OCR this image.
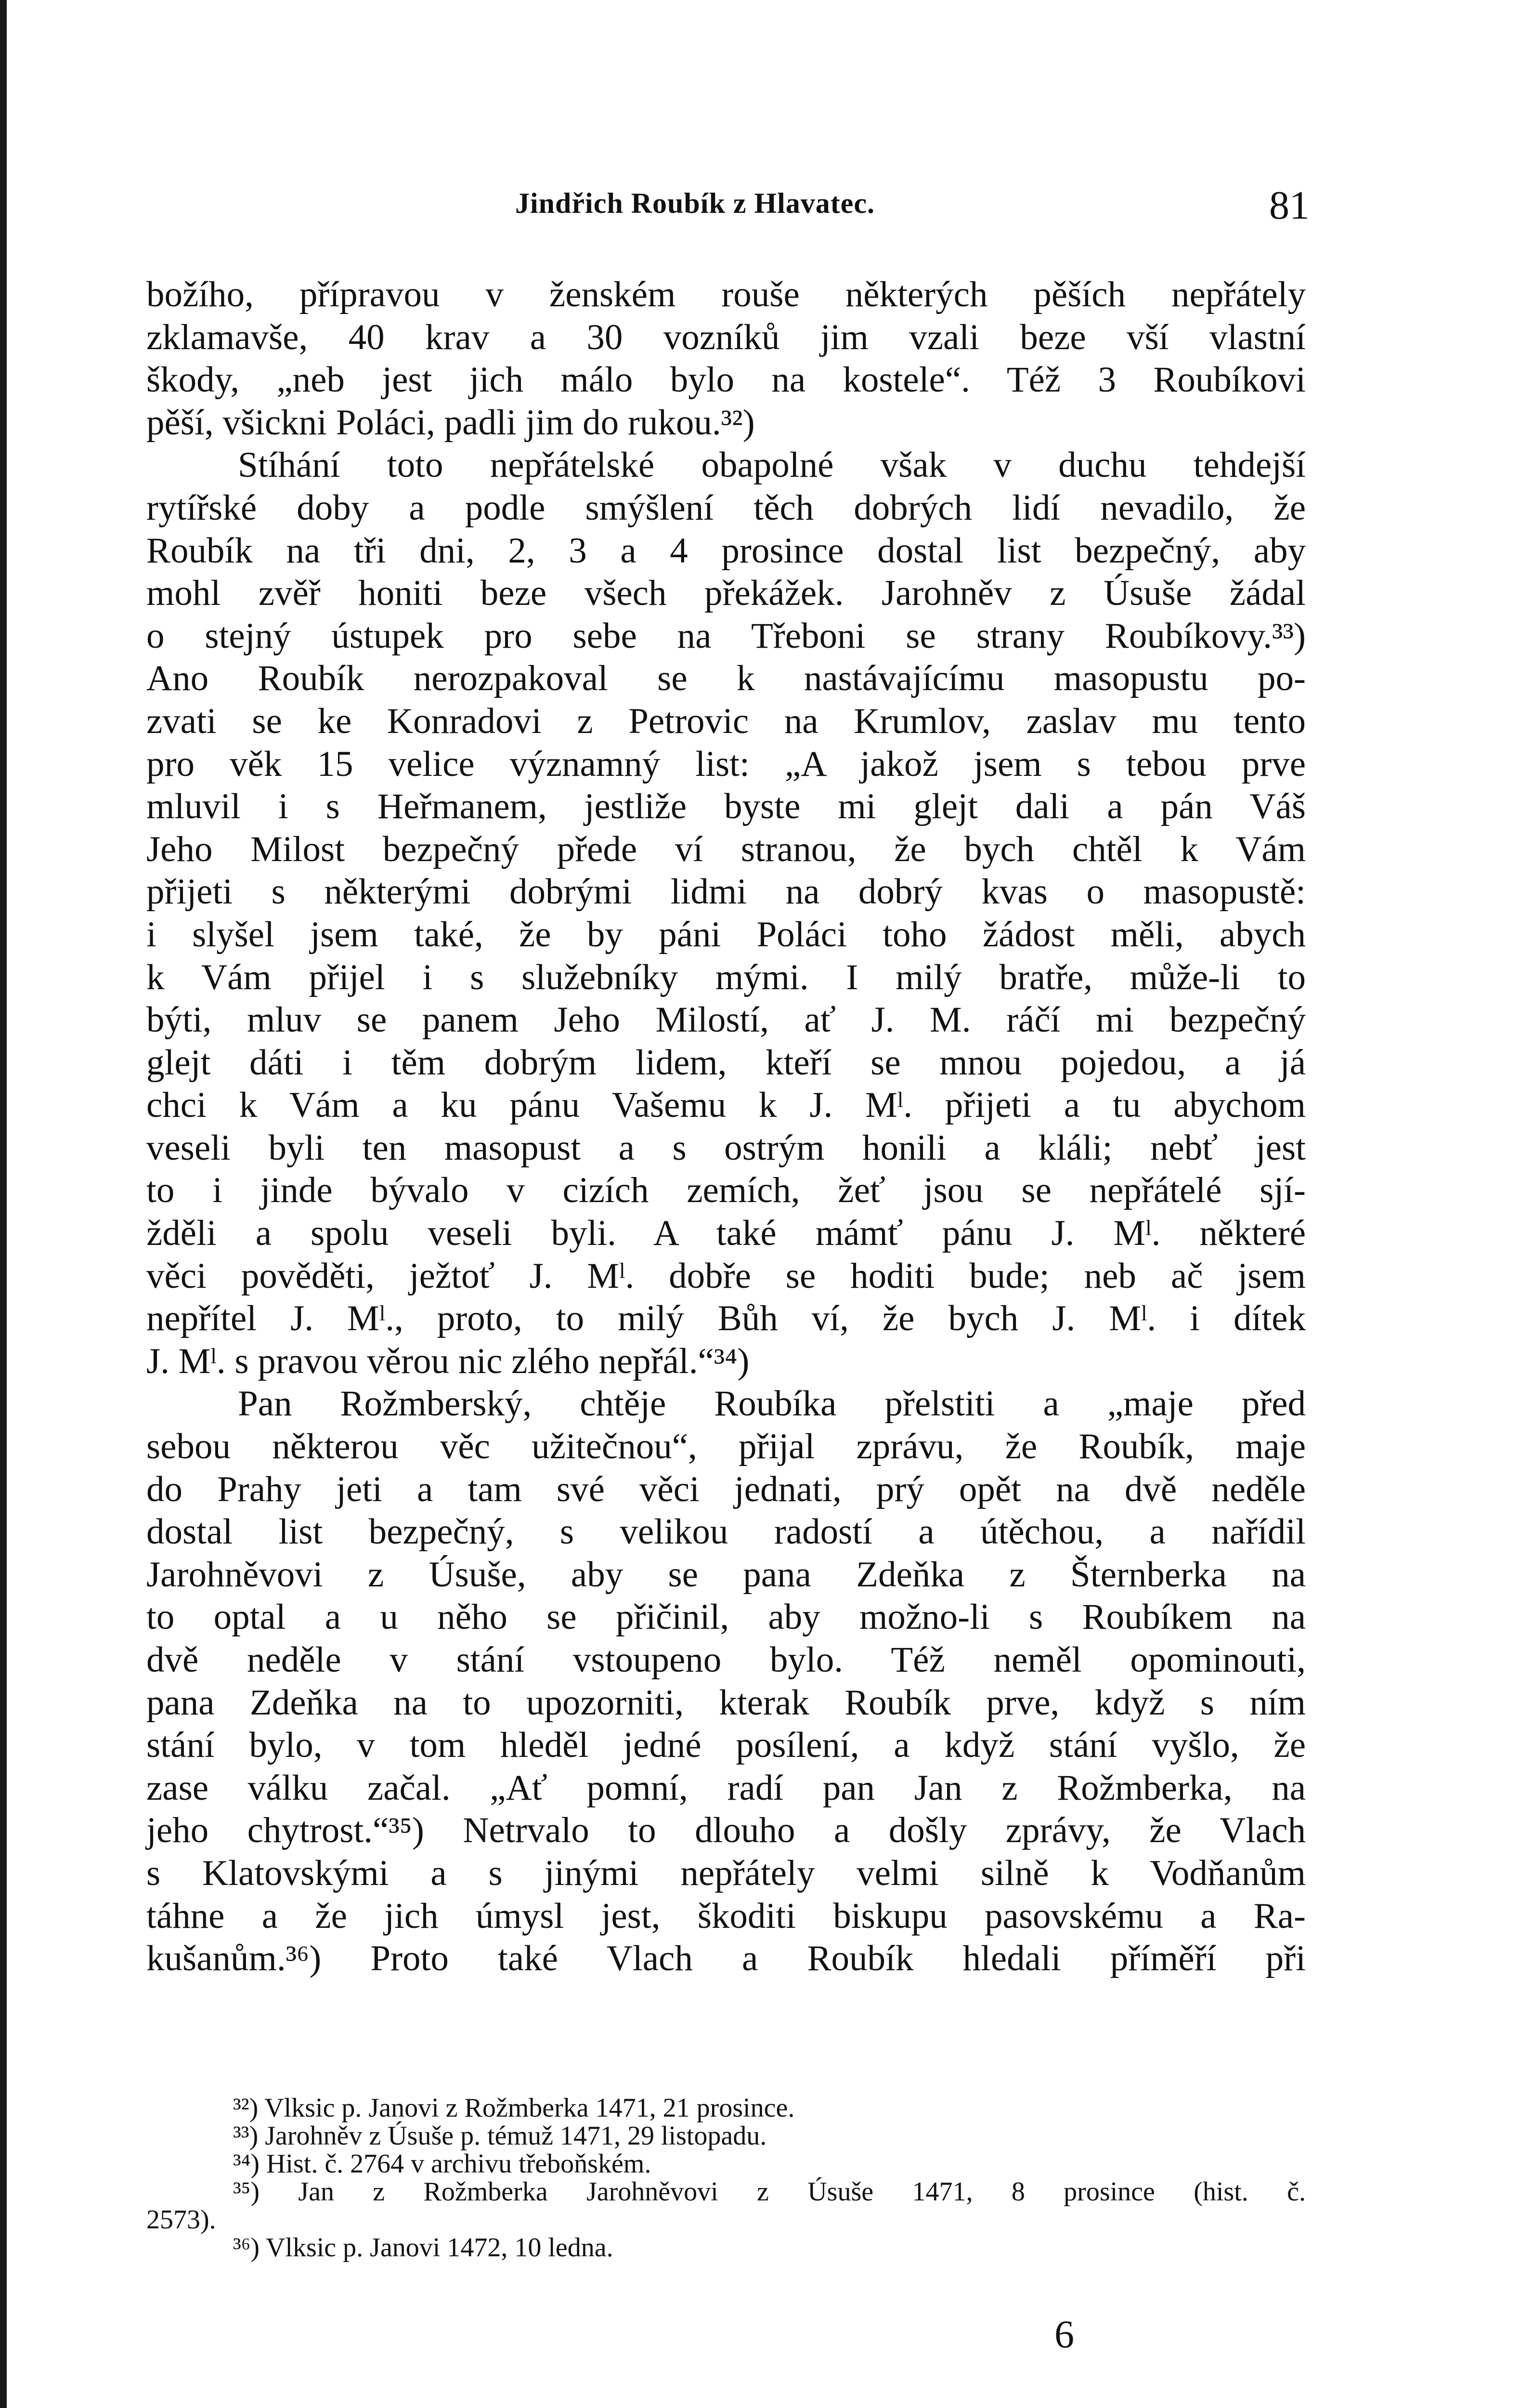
Jindřich Roubík z Hlavatec.	81
božího, přípravou v ženském rouše některých pěších nepřátely
zklamavše, 40 krav a 30 vozníků jim vzali beze vší vlastní
škody, „neb jest jich málo bylo na kostele“. Též 3 Roubíkovi
pěší, všickni Poláci, padli jim do rukou.³²)
Stíhání toto nepřátelské obapolné však v duchu tehdejší
rytířské doby a podle smýšlení těch dobrých lidí nevadilo, že
Roubík na tři dni, 2, 3 a 4 prosince dostal list bezpečný, aby
mohl zvěř honiti beze všech překážek. Jarohněv z Úsuše žádal
o stejný ústupek pro sebe na Třeboni se strany Roubíkovy.³³)
Ano Roubík nerozpakoval se k nastávajícímu masopustu po-
zvati se ke Konradovi z Petrovic na Krumlov, zaslav mu tento
pro věk 15 velice významný list: „A jakož jsem s tebou prve
mluvil i s Heřmanem, jestliže byste mi glejt dali a pán Váš
Jeho Milost bezpečný přede ví stranou, že bych chtěl k Vám
přijeti s některými dobrými lidmi na dobrý kvas o masopustě:
i slyšel jsem také, že by páni Poláci toho žádost měli, abych
k Vám přijel i s služebníky mými. I milý bratře, může-li to
býti, mluv se panem Jeho Milostí, ať J. M. ráčí mi bezpečný
glejt dáti i těm dobrým lidem, kteří se mnou pojedou, a já
chci k Vám a ku pánu Vašemu k J. Mˡ. přijeti a tu abychom
veseli byli ten masopust a s ostrým honili a kláli; nebť jest
to i jinde bývalo v cizích zemích, žeť jsou se nepřátelé sjí-
žděli a spolu veseli byli. A také mámť pánu J. Mˡ. některé
věci pověděti, ježtoť J. Mˡ. dobře se hoditi bude; neb ač jsem
nepřítel J. Mˡ., proto, to milý Bůh ví, že bych J. Mˡ. i dítek
J. Mˡ. s pravou věrou nic zlého nepřál.“³⁴)
Pan Rožmberský, chtěje Roubíka přelstiti a „maje před
sebou některou věc užitečnou“, přijal zprávu, že Roubík, maje
do Prahy jeti a tam své věci jednati, prý opět na dvě neděle
dostal list bezpečný, s velikou radostí a útěchou, a nařídil
Jarohněvovi z Úsuše, aby se pana Zdeňka z Šternberka na
to optal a u něho se přičinil, aby možno-li s Roubíkem na
dvě neděle v stání vstoupeno bylo. Též neměl opominouti,
pana Zdeňka na to upozorniti, kterak Roubík prve, když s ním
stání bylo, v tom hleděl jedné posílení, a když stání vyšlo, že
zase válku začal. „Ať pomní, radí pan Jan z Rožmberka, na
jeho chytrost.“³⁵) Netrvalo to dlouho a došly zprávy, že Vlach
s Klatovskými a s jinými nepřátely velmi silně k Vodňanům
táhne a že jich úmysl jest, škoditi biskupu pasovskému a Ra-
kušanům.³⁶) Proto také Vlach a Roubík hledali příměří při
³²) Vlksic p. Janovi z Rožmberka 1471, 21 prosince.
³³) Jarohněv z Úsuše p. témuž 1471, 29 listopadu.
³⁴) Hist. č. 2764 v archivu třeboňském.
³⁵) Jan z Rožmberka Jarohněvovi z Úsuše 1471, 8 prosince (hist. č.
2573).
³⁶) Vlksic p. Janovi 1472, 10 ledna.
6
